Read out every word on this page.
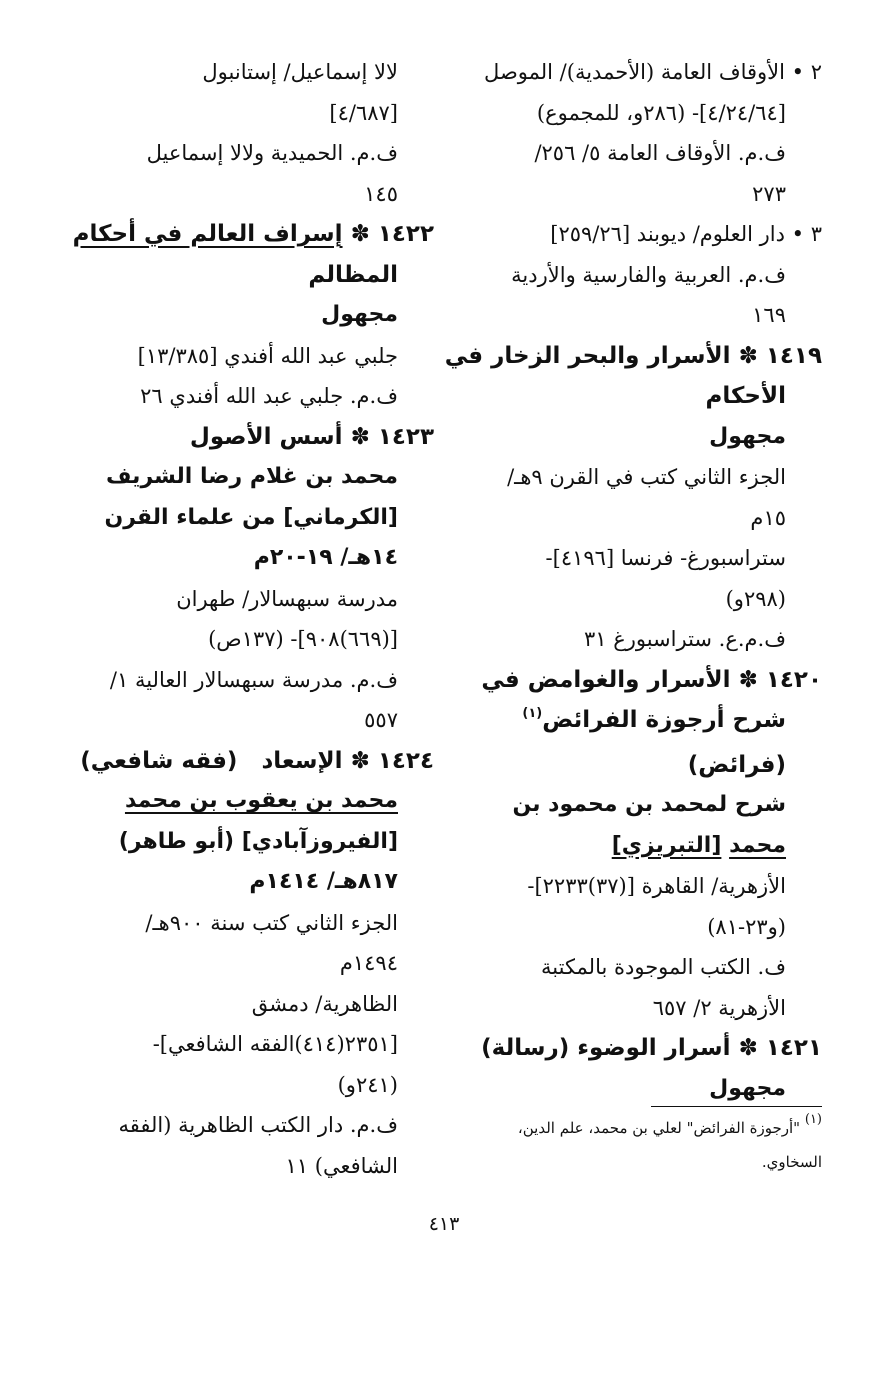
٢ • الأوقاف العامة (الأحمدية)/ الموصل
[٤/٢٤/٦٤]- (٢٨٦و، للمجموع)
ف.م. الأوقاف العامة ٥/ ٢٥٦/
٢٧٣
٣ • دار العلوم/ ديوبند [٢٥٩/٢٦]
ف.م. العربية والفارسية والأردية
١٦٩
١٤١٩ ✽ الأسرار والبحر الزخار في
الأحكام
مجهول
الجزء الثاني كتب في القرن ٩هـ/
١٥م
ستراسبورغ- فرنسا [٤١٩٦]-
(٢٩٨و)
ف.م.ع. ستراسبورغ ٣١
١٤٢٠ ✽ الأسرار والغوامض في
شرح أرجوزة الفرائض$^{(١)}$
(فرائض)
شرح لمحمد بن محمود بن
محمد [التبريزي]
الأزهرية/ القاهرة [(٣٧)٢٢٣٣]-
(و٢٣-٨١)
ف. الكتب الموجودة بالمكتبة
الأزهرية ٢/ ٦٥٧
١٤٢١ ✽ أسرار الوضوء (رسالة)
مجهول
لالا إسماعيل/ إستانبول
[٤/٦٨٧]
ف.م. الحميدية ولالا إسماعيل
١٤٥
١٤٢٢ ✽ إسراف العالم في أحكام
المظالم
مجهول
جلبي عبد الله أفندي [١٣/٣٨٥]
ف.م. جلبي عبد الله أفندي ٢٦
١٤٢٣ ✽ أسس الأصول
محمد بن غلام رضا الشريف
[الكرماني] من علماء القرن
١٤هـ/ ١٩-٢٠م
مدرسة سبهسالار/ طهران
[(٦٦٩)٩٠٨]- (١٣٧ص)
ف.م. مدرسة سبهسالار العالية ١/
٥٥٧
١٤٢٤ ✽ الإسعاد   (فقه شافعي)
محمد بن يعقوب بن محمد
[الفيروزآبادي] (أبو طاهر)
٨١٧هـ/ ١٤١٤م
الجزء الثاني كتب سنة ٩٠٠هـ/
١٤٩٤م
الظاهرية/ دمشق
[٢٣٥١(٤١٤)الفقه الشافعي]-
(٢٤١و)
ف.م. دار الكتب الظاهرية (الفقه
الشافعي) ١١
(١) "أرجوزة الفرائض" لعلي بن محمد، علم الدين، السخاوي.
٤١٣
